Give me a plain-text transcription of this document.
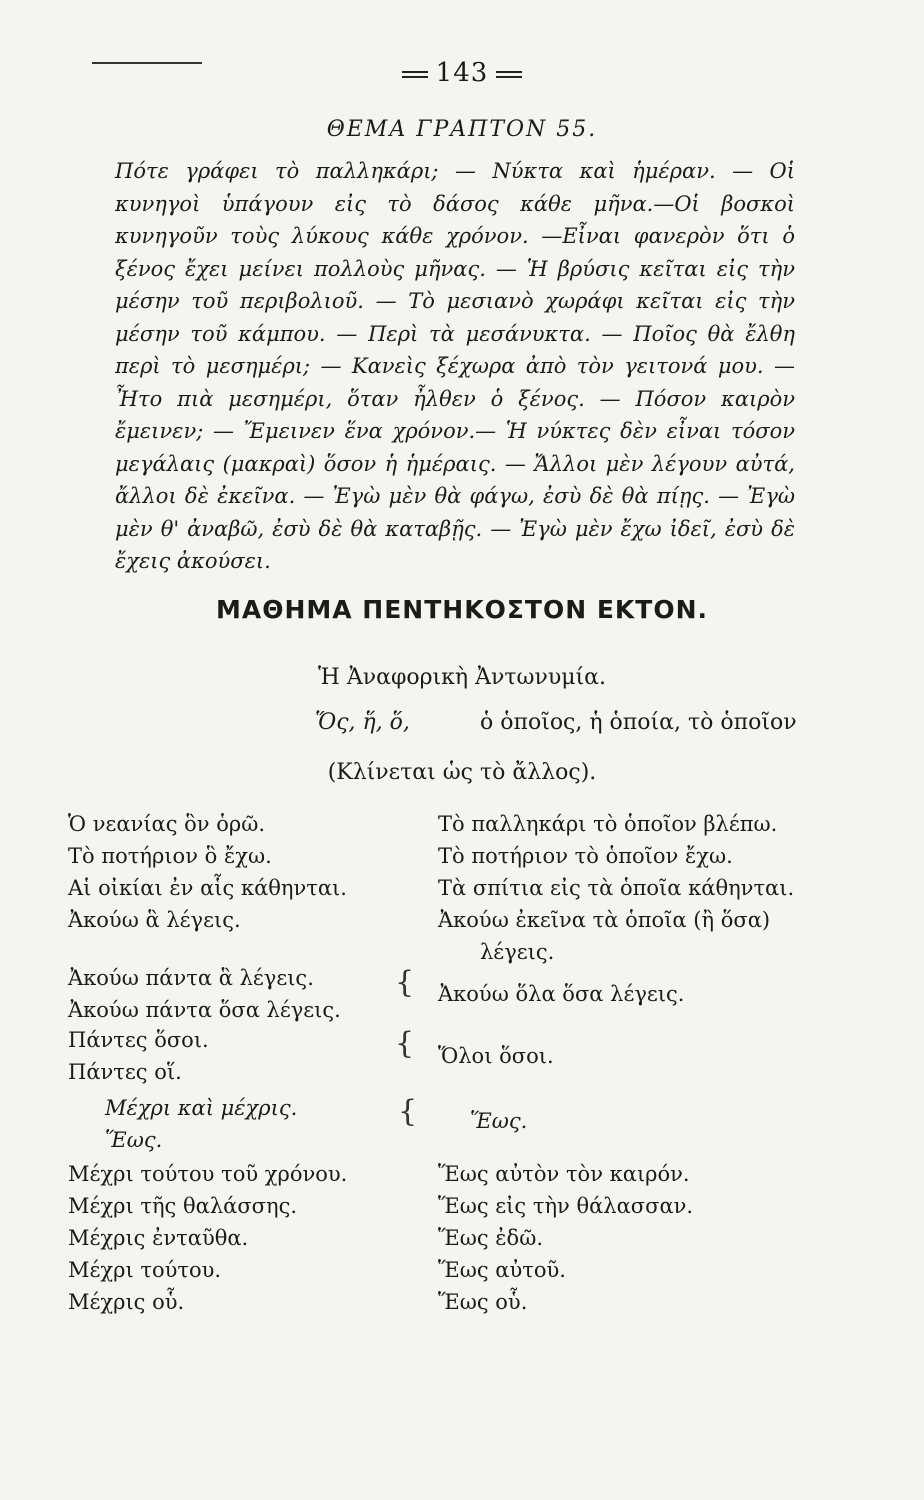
143
ΘΕΜΑ ΓΡΑΠΤΟΝ 55.
Πότε γράφει τὸ παλληκάρι; — Νύκτα καὶ ἡμέραν. — Οἱ κυνηγοὶ ὑπάγουν εἰς τὸ δάσος κάθε μῆνα.—Οἱ βοσκοὶ κυνηγοῦν τοὺς λύκους κάθε χρόνον. —Εἶναι φανερὸν ὅτι ὁ ξένος ἔχει μείνει πολλοὺς μῆνας. — Ἡ βρύσις κεῖται εἰς τὴν μέσην τοῦ περιβολιοῦ. — Τὸ μεσιανὸ χωράφι κεῖται εἰς τὴν μέσην τοῦ κάμπου. — Περὶ τὰ μεσάνυκτα. — Ποῖος θὰ ἔλθη περὶ τὸ μεσημέρι; — Κανεὶς ξέχωρα ἀπὸ τὸν γειτονά μου. — Ἦτο πιὰ μεσημέρι, ὅταν ἦλθεν ὁ ξένος. — Πόσον καιρὸν ἔμεινεν; — Ἔμεινεν ἕνα χρόνον.— Ἡ νύκτες δὲν εἶναι τόσον μεγάλαις (μακραὶ) ὅσον ἡ ἡμέραις. — Ἄλλοι μὲν λέγουν αὐτά, ἄλλοι δὲ ἐκεῖνα. — Ἐγὼ μὲν θὰ φάγω, ἐσὺ δὲ θὰ πίῃς. — Ἐγὼ μὲν θ' ἀναβῶ, ἐσὺ δὲ θὰ καταβῇς. — Ἐγὼ μὲν ἔχω ἰδεῖ, ἐσὺ δὲ ἔχεις ἀκούσει.
ΜΑΘΗΜΑ ΠΕΝΤΗΚΟΣΤΟΝ ΕΚΤΟΝ.
Ἡ Ἀναφορικὴ Ἀντωνυμία.
Ὅς, ἥ, ὅ,	ὁ ὁποῖος, ἡ ὁποία, τὸ ὁποῖον
(Κλίνεται ὡς τὸ ἄλλος).
Ὁ νεανίας ὃν ὁρῶ.
Τὸ ποτήριον ὃ ἔχω.
Αἱ οἰκίαι ἐν αἷς κάθηνται.
Ἀκούω ἃ λέγεις.
Τὸ παλληκάρι τὸ ὁποῖον βλέπω.
Τὸ ποτήριον τὸ ὁποῖον ἔχω.
Τὰ σπίτια εἰς τὰ ὁποῖα κάθηνται.
Ἀκούω ἐκεῖνα τὰ ὁποῖα (ἢ ὅσα)
λέγεις.
Ἀκούω πάντα ἃ λέγεις.
Ἀκούω πάντα ὅσα λέγεις.
{ Ἀκούω ὅλα ὅσα λέγεις.
Πάντες ὅσοι.
Πάντες οἵ.
{ Ὅλοι ὅσοι.
Μέχρι καὶ μέχρις.
Ἕως.
{	Ἕως.
Μέχρι τούτου τοῦ χρόνου.
Μέχρι τῆς θαλάσσης.
Μέχρις ἐνταῦθα.
Μέχρι τούτου.
Μέχρις οὗ.
Ἕως αὐτὸν τὸν καιρόν.
Ἕως εἰς τὴν θάλασσαν.
Ἕως ἐδῶ.
Ἕως αὐτοῦ.
Ἕως οὗ.
